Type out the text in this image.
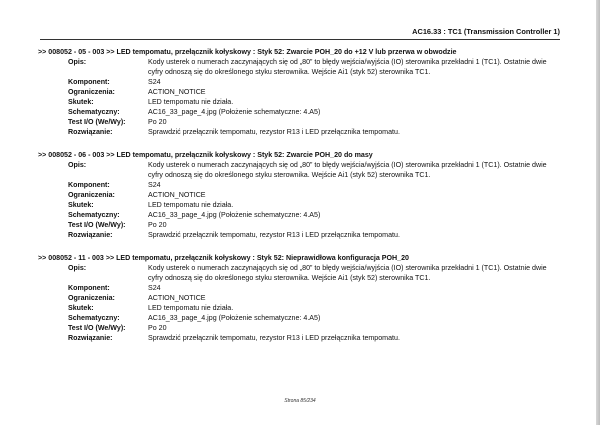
AC16.33 : TC1 (Transmission Controller 1)
>> 008052 - 05 - 003 >> LED tempomatu, przełącznik kołyskowy : Styk 52: Zwarcie POH_20 do +12 V lub przerwa w obwodzie
Opis:	Kody usterek o numerach zaczynających się od „80” to błędy wejścia/wyjścia (IO) sterownika przekładni 1 (TC1). Ostatnie dwie cyfry odnoszą się do określonego styku sterownika. Wejście Ai1 (styk 52) sterownika TC1.
Komponent:	S24
Ograniczenia:	ACTION_NOTICE
Skutek:	LED tempomatu nie działa.
Schematyczny:	AC16_33_page_4.jpg (Położenie schematyczne: 4.A5)
Test I/O (We/Wy):	Po 20
Rozwiązanie:	Sprawdzić przełącznik tempomatu, rezystor R13 i LED przełącznika tempomatu.
>> 008052 - 06 - 003 >> LED tempomatu, przełącznik kołyskowy : Styk 52: Zwarcie POH_20 do masy
Opis:	Kody usterek o numerach zaczynających się od „80” to błędy wejścia/wyjścia (IO) sterownika przekładni 1 (TC1). Ostatnie dwie cyfry odnoszą się do określonego styku sterownika. Wejście Ai1 (styk 52) sterownika TC1.
Komponent:	S24
Ograniczenia:	ACTION_NOTICE
Skutek:	LED tempomatu nie działa.
Schematyczny:	AC16_33_page_4.jpg (Położenie schematyczne: 4.A5)
Test I/O (We/Wy):	Po 20
Rozwiązanie:	Sprawdzić przełącznik tempomatu, rezystor R13 i LED przełącznika tempomatu.
>> 008052 - 11 - 003 >> LED tempomatu, przełącznik kołyskowy : Styk 52: Nieprawidłowa konfiguracja POH_20
Opis:	Kody usterek o numerach zaczynających się od „80” to błędy wejścia/wyjścia (IO) sterownika przekładni 1 (TC1). Ostatnie dwie cyfry odnoszą się do określonego styku sterownika. Wejście Ai1 (styk 52) sterownika TC1.
Komponent:	S24
Ograniczenia:	ACTION_NOTICE
Skutek:	LED tempomatu nie działa.
Schematyczny:	AC16_33_page_4.jpg (Położenie schematyczne: 4.A5)
Test I/O (We/Wy):	Po 20
Rozwiązanie:	Sprawdzić przełącznik tempomatu, rezystor R13 i LED przełącznika tempomatu.
Strona 85/234
